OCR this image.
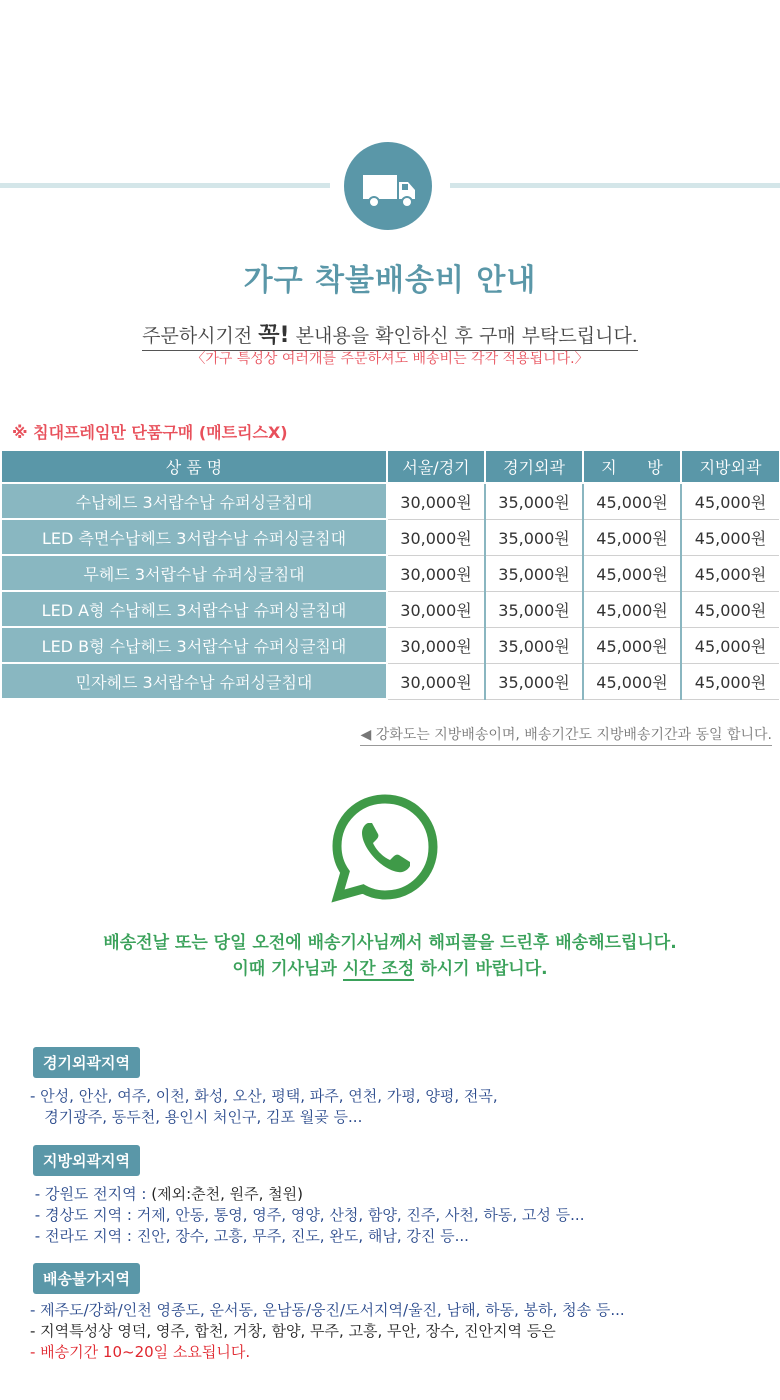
가구 착불배송비 안내
주문하시기전 꼭! 본내용을 확인하신 후 구매 부탁드립니다.
〈가구 특성상 여러개를 주문하셔도 배송비는 각각 적용됩니다.〉
※ 침대프레임만 단품구매 (매트리스X)
상 품 명	서울/경기	경기외곽	지      방	지방외곽
수납헤드 3서랍수납 슈퍼싱글침대	30,000원	35,000원	45,000원	45,000원
LED 측면수납헤드 3서랍수납 슈퍼싱글침대	30,000원	35,000원	45,000원	45,000원
무헤드 3서랍수납 슈퍼싱글침대	30,000원	35,000원	45,000원	45,000원
LED A형 수납헤드 3서랍수납 슈퍼싱글침대	30,000원	35,000원	45,000원	45,000원
LED B형 수납헤드 3서랍수납 슈퍼싱글침대	30,000원	35,000원	45,000원	45,000원
민자헤드 3서랍수납 슈퍼싱글침대	30,000원	35,000원	45,000원	45,000원
◀ 강화도는 지방배송이며, 배송기간도 지방배송기간과 동일 합니다.
배송전날 또는 당일 오전에 배송기사님께서 해피콜을 드린후 배송해드립니다.
이때 기사님과 시간 조정 하시기 바랍니다.
경기외곽지역
- 안성, 안산, 여주, 이천, 화성, 오산, 평택, 파주, 연천, 가평, 양평, 전곡,
경기광주, 동두천, 용인시 처인구, 김포 월곶 등...
지방외곽지역
- 강원도 전지역 : (제외:춘천, 원주, 철원)
- 경상도 지역 : 거제, 안동, 통영, 영주, 영양, 산청, 함양, 진주, 사천, 하동, 고성 등...
- 전라도 지역 : 진안, 장수, 고흥, 무주, 진도, 완도, 해남, 강진 등...
배송불가지역
- 제주도/강화/인천 영종도, 운서동, 운남동/웅진/도서지역/울진, 남해, 하동, 봉하, 청송 등...
- 지역특성상 영덕, 영주, 합천, 거창, 함양, 무주, 고흥, 무안, 장수, 진안지역 등은
- 배송기간 10~20일 소요됩니다.
